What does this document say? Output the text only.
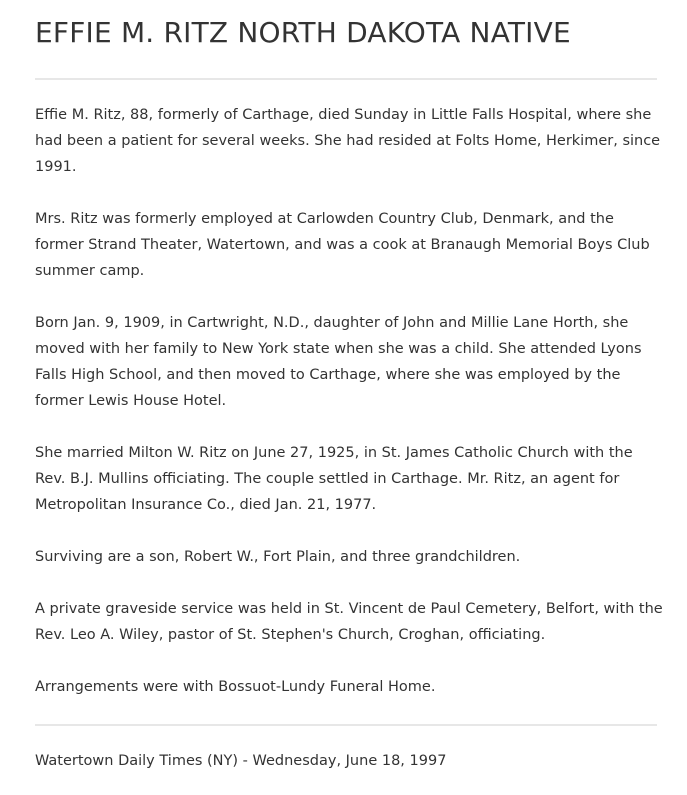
EFFIE M. RITZ NORTH DAKOTA NATIVE

Effie M. Ritz, 88, formerly of Carthage, died Sunday in Little Falls Hospital, where she had been a patient for several weeks. She had resided at Folts Home, Herkimer, since 1991.

Mrs. Ritz was formerly employed at Carlowden Country Club, Denmark, and the former Strand Theater, Watertown, and was a cook at Branaugh Memorial Boys Club summer camp.

Born Jan. 9, 1909, in Cartwright, N.D., daughter of John and Millie Lane Horth, she moved with her family to New York state when she was a child. She attended Lyons Falls High School, and then moved to Carthage, where she was employed by the former Lewis House Hotel.

She married Milton W. Ritz on June 27, 1925, in St. James Catholic Church with the Rev. B.J. Mullins officiating. The couple settled in Carthage. Mr. Ritz, an agent for Metropolitan Insurance Co., died Jan. 21, 1977.

Surviving are a son, Robert W., Fort Plain, and three grandchildren.

A private graveside service was held in St. Vincent de Paul Cemetery, Belfort, with the Rev. Leo A. Wiley, pastor of St. Stephen's Church, Croghan, officiating.

Arrangements were with Bossuot-Lundy Funeral Home.

Watertown Daily Times (NY) - Wednesday, June 18, 1997
